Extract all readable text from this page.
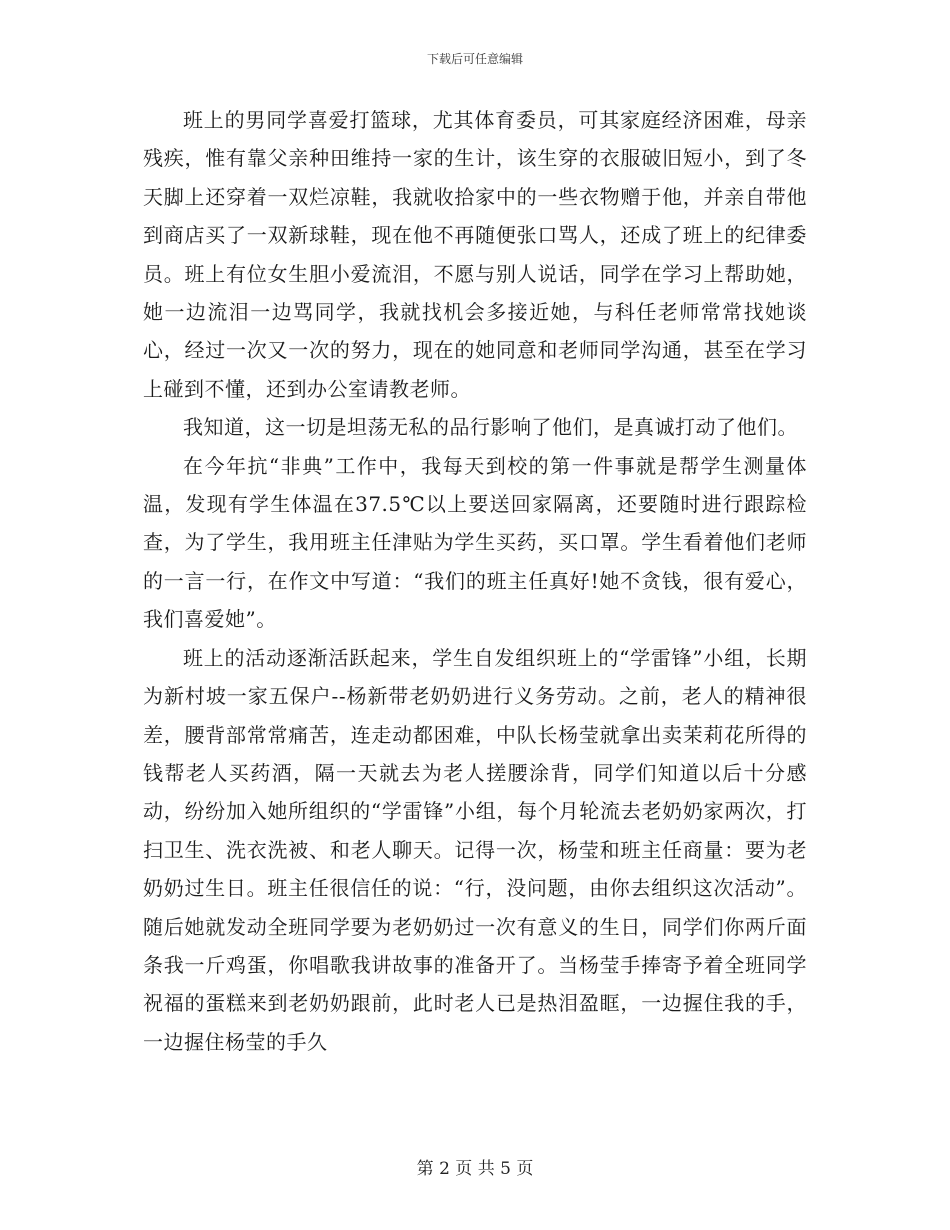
下载后可任意编辑

班上的男同学喜爱打篮球，尤其体育委员，可其家庭经济困难，母亲残疾，惟有靠父亲种田维持一家的生计，该生穿的衣服破旧短小，到了冬天脚上还穿着一双烂凉鞋，我就收拾家中的一些衣物赠于他，并亲自带他到商店买了一双新球鞋，现在他不再随便张口骂人，还成了班上的纪律委员。班上有位女生胆小爱流泪，不愿与别人说话，同学在学习上帮助她，她一边流泪一边骂同学，我就找机会多接近她，与科任老师常常找她谈心，经过一次又一次的努力，现在的她同意和老师同学沟通，甚至在学习上碰到不懂，还到办公室请教老师。

我知道，这一切是坦荡无私的品行影响了他们，是真诚打动了他们。

在今年抗“非典”工作中，我每天到校的第一件事就是帮学生测量体温，发现有学生体温在37.5℃以上要送回家隔离，还要随时进行跟踪检查，为了学生，我用班主任津贴为学生买药，买口罩。学生看着他们老师的一言一行，在作文中写道：“我们的班主任真好!她不贪钱，很有爱心，我们喜爱她”。

班上的活动逐渐活跃起来，学生自发组织班上的“学雷锋”小组，长期为新村坡一家五保户--杨新带老奶奶进行义务劳动。之前，老人的精神很差，腰背部常常痛苦，连走动都困难，中队长杨莹就拿出卖茉莉花所得的钱帮老人买药酒，隔一天就去为老人搓腰涂背，同学们知道以后十分感动，纷纷加入她所组织的“学雷锋”小组，每个月轮流去老奶奶家两次，打扫卫生、洗衣洗被、和老人聊天。记得一次，杨莹和班主任商量：要为老奶奶过生日。班主任很信任的说：“行，没问题，由你去组织这次活动”。随后她就发动全班同学要为老奶奶过一次有意义的生日，同学们你两斤面条我一斤鸡蛋，你唱歌我讲故事的准备开了。当杨莹手捧寄予着全班同学祝福的蛋糕来到老奶奶跟前，此时老人已是热泪盈眶，一边握住我的手，一边握住杨莹的手久

第 2 页 共 5 页
